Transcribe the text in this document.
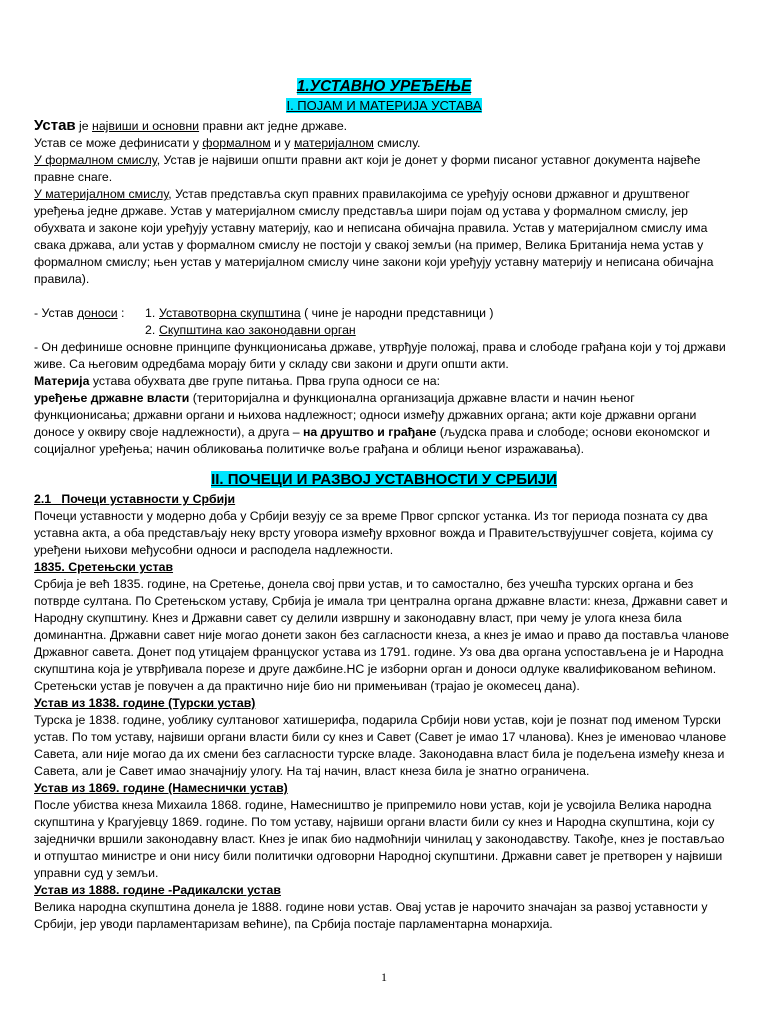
1.УСТАВНО УРЕЂЕЊЕ

I. ПОЈАМ И МАТЕРИЈА УСТАВА

Устав је највиши и основни правни акт једне државе.

Устав се може дефинисати у формалном и у материјалном смислу.

У формалном смислу, Устав је највиши општи правни акт који је донет у форми писаног уставног документа највеће правне снаге.

У материјалном смислу, Устав представља скуп правних правилакојима се уређују основи државног и друштвеног уређења једне државе. Устав у материјалном смислу представља шири појам од устава у формалном смислу, јер обухвата и законе који уређују уставну материју, као и неписана обичајна правила. Устав у материјалном смислу има свака држава, али устав у формалном смислу не постоји у свакој земљи (на пример, Велика Британија нема устав у формалном смислу; њен устав у материјалном смислу чине закони који уређују уставну материју и неписана обичајна правила).

- Устав доноси :	1. Уставотворна скупштина ( чине је народни представници )
2. Скупштина као законодавни орган

- Он дефинише основне принципе функционисања државе, утврђује положај, права и слободе грађана који у тој држави живе. Са његовим одредбама морају бити у складу сви закони и други општи акти.

Материја устава обухвата две групе питања. Прва група односи се на:

уређење државне власти (територијална и функционална организација државне власти и начин њеног функционисања; државни органи и њихова надлежност; односи између државних органа; акти које државни органи доносе у оквиру своје надлежности), а друга – на друштво и грађане (људска права и слободе; основи економског и социјалног уређења; начин обликовања политичке воље грађана и облици њеног изражавања).

II. ПОЧЕЦИ И РАЗВОЈ УСТАВНОСТИ У СРБИЈИ

2.1   Почеци уставности у Србији

Почеци уставности у модерно доба у Србији везују се за време Првог српског устанка. Из тог периода позната су два уставна акта, а оба представљају неку врсту уговора између врховног вожда и Правитељствујушчег совјета, којима су уређени њихови међусобни односи и расподела надлежности.

1835. Сретењски устав

Србија је већ 1835. године, на Сретење, донела свој први устав, и то самостално, без учешћа турских органа и без потврде султана. По Сретењском уставу, Србија је имала три централна органа државне власти: кнеза, Државни савет и Народну скупштину. Кнез и Државни савет су делили извршну и законодавну власт, при чему је улога кнеза била доминантна. Државни савет није могао донети закон без сагласности кнеза, а кнез је имао и право да поставља чланове Државног савета. Донет под утицајем француског устава из 1791. године. Уз ова два органа успостављена је и Народна скупштина која је утврђивала порезе и друге дажбине.НС је изборни орган и доноси одлуке квалификованом већином. Сретењски устав је повучен а да практично није био ни примењиван (трајао је окомесец дана).

Устав из 1838. године (Турски устав)

Турска је 1838. године, уоблику султановог хатишерифа, подарила Србији нови устав, који је познат под именом Турски устав. По том уставу, највиши органи власти били су кнез и Савет (Савет је имао 17 чланова). Кнез је именовао чланове Савета, али није могао да их смени без сагласности турске владе. Законодавна власт била је подељена између кнеза и Савета, али је Савет имао значајнију улогу. На тај начин, власт кнеза била је знатно ограничена.

Устав из 1869. године (Намеснички устав)

После убиства кнеза Михаила 1868. године, Намесништво је припремило нови устав, који је усвојила Велика народна скупштина у Крагујевцу 1869. године. По том уставу, највиши органи власти били су кнез и Народна скупштина, који су заједнички вршили законодавну власт. Кнез је ипак био надмоћнији чинилац у законодавству. Такође, кнез је постављао и отпуштао министре и они нису били политички одговорни Народној скупштини. Државни савет је претворен у највиши управни суд у земљи.

Устав из 1888. године -Радикалски устав

Велика народна скупштина донела је 1888. године нови устав. Овај устав је нарочито значајан за развој уставности у Србији, јер уводи парламентаризам већине), па Србија постаје парламентарна монархија.

1
